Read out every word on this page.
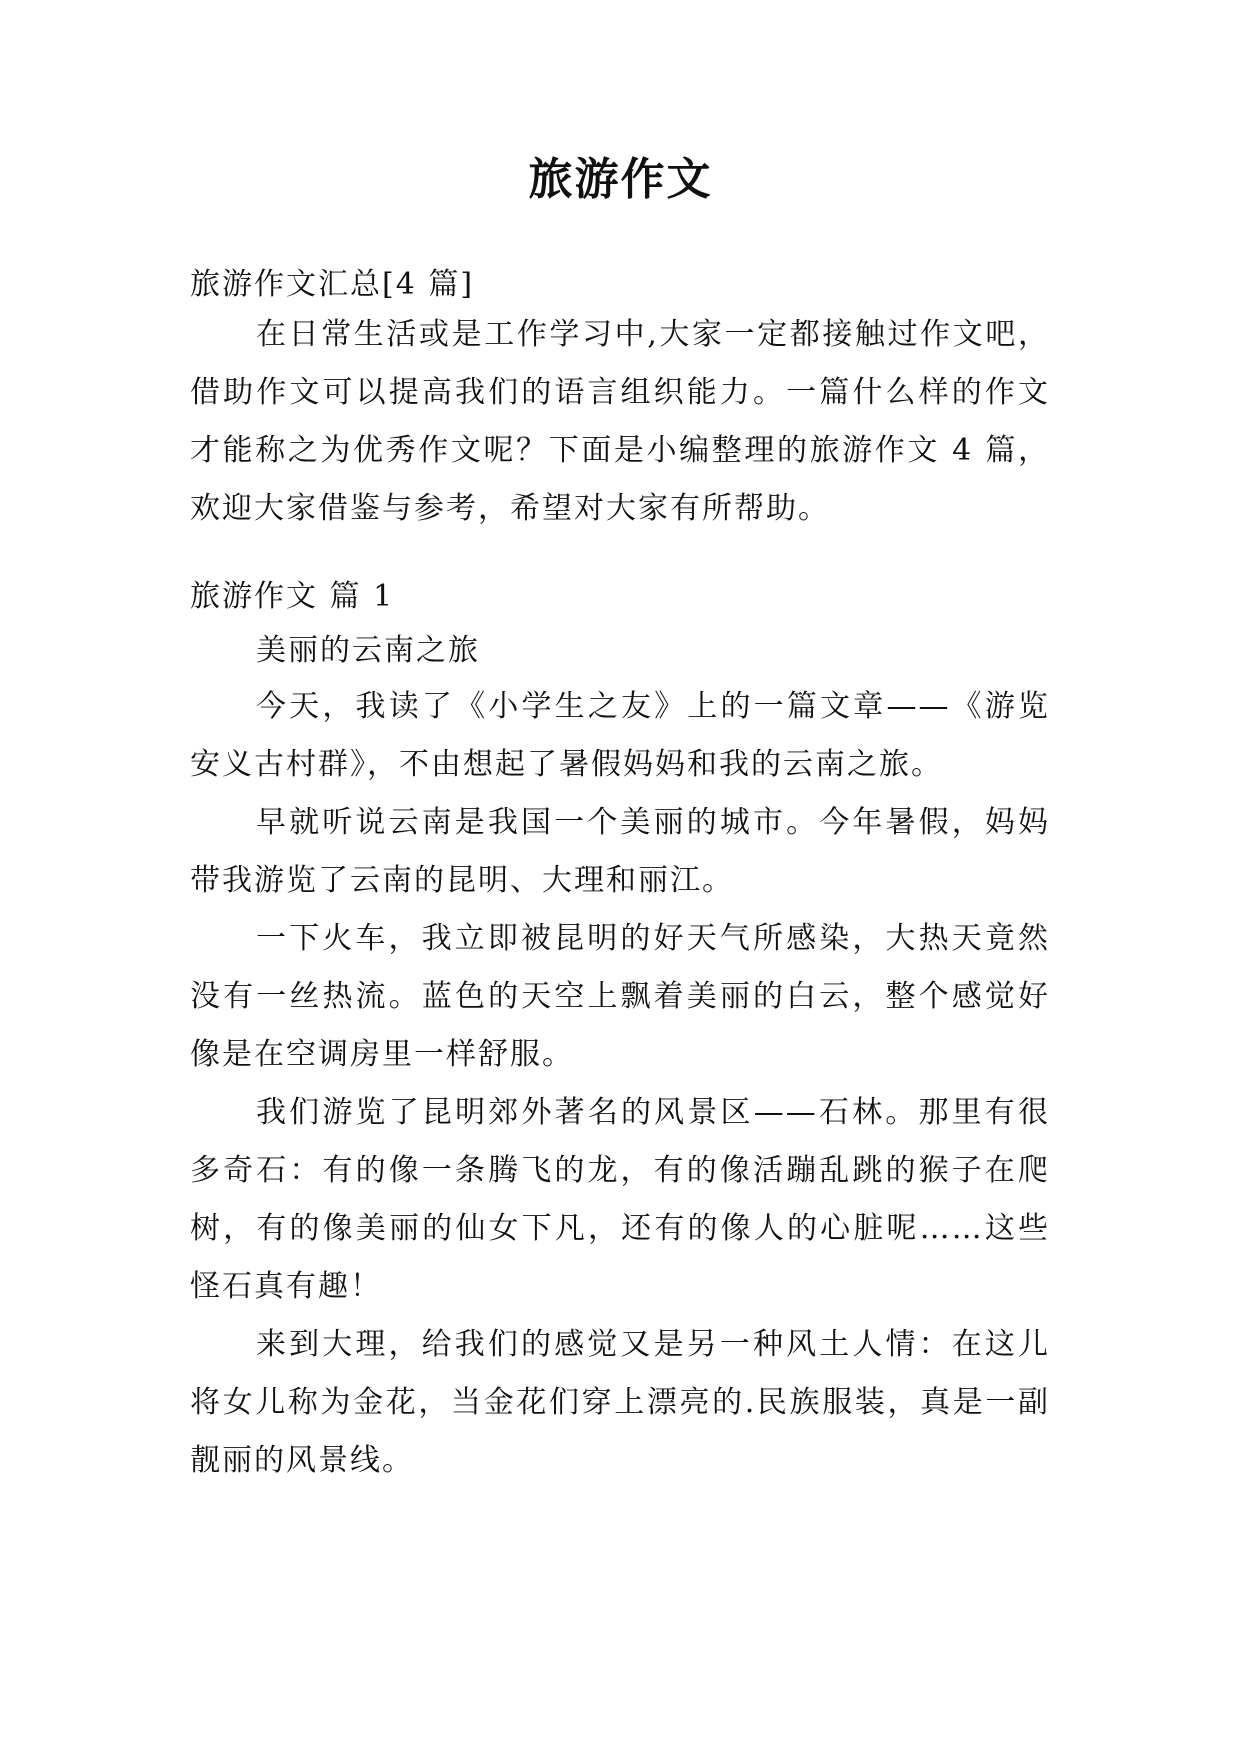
旅游作文

旅游作文汇总[4 篇]

在日常生活或是工作学习中,大家一定都接触过作文吧，借助作文可以提高我们的语言组织能力。一篇什么样的作文才能称之为优秀作文呢？下面是小编整理的旅游作文 4 篇，欢迎大家借鉴与参考，希望对大家有所帮助。

旅游作文 篇 1

美丽的云南之旅

今天，我读了《小学生之友》上的一篇文章——《游览安义古村群》，不由想起了暑假妈妈和我的云南之旅。

早就听说云南是我国一个美丽的城市。今年暑假，妈妈带我游览了云南的昆明、大理和丽江。

一下火车，我立即被昆明的好天气所感染，大热天竟然没有一丝热流。蓝色的天空上飘着美丽的白云，整个感觉好像是在空调房里一样舒服。

我们游览了昆明郊外著名的风景区——石林。那里有很多奇石：有的像一条腾飞的龙，有的像活蹦乱跳的猴子在爬树，有的像美丽的仙女下凡，还有的像人的心脏呢……这些怪石真有趣！

来到大理，给我们的感觉又是另一种风土人情：在这儿将女儿称为金花，当金花们穿上漂亮的.民族服装，真是一副靓丽的风景线。
